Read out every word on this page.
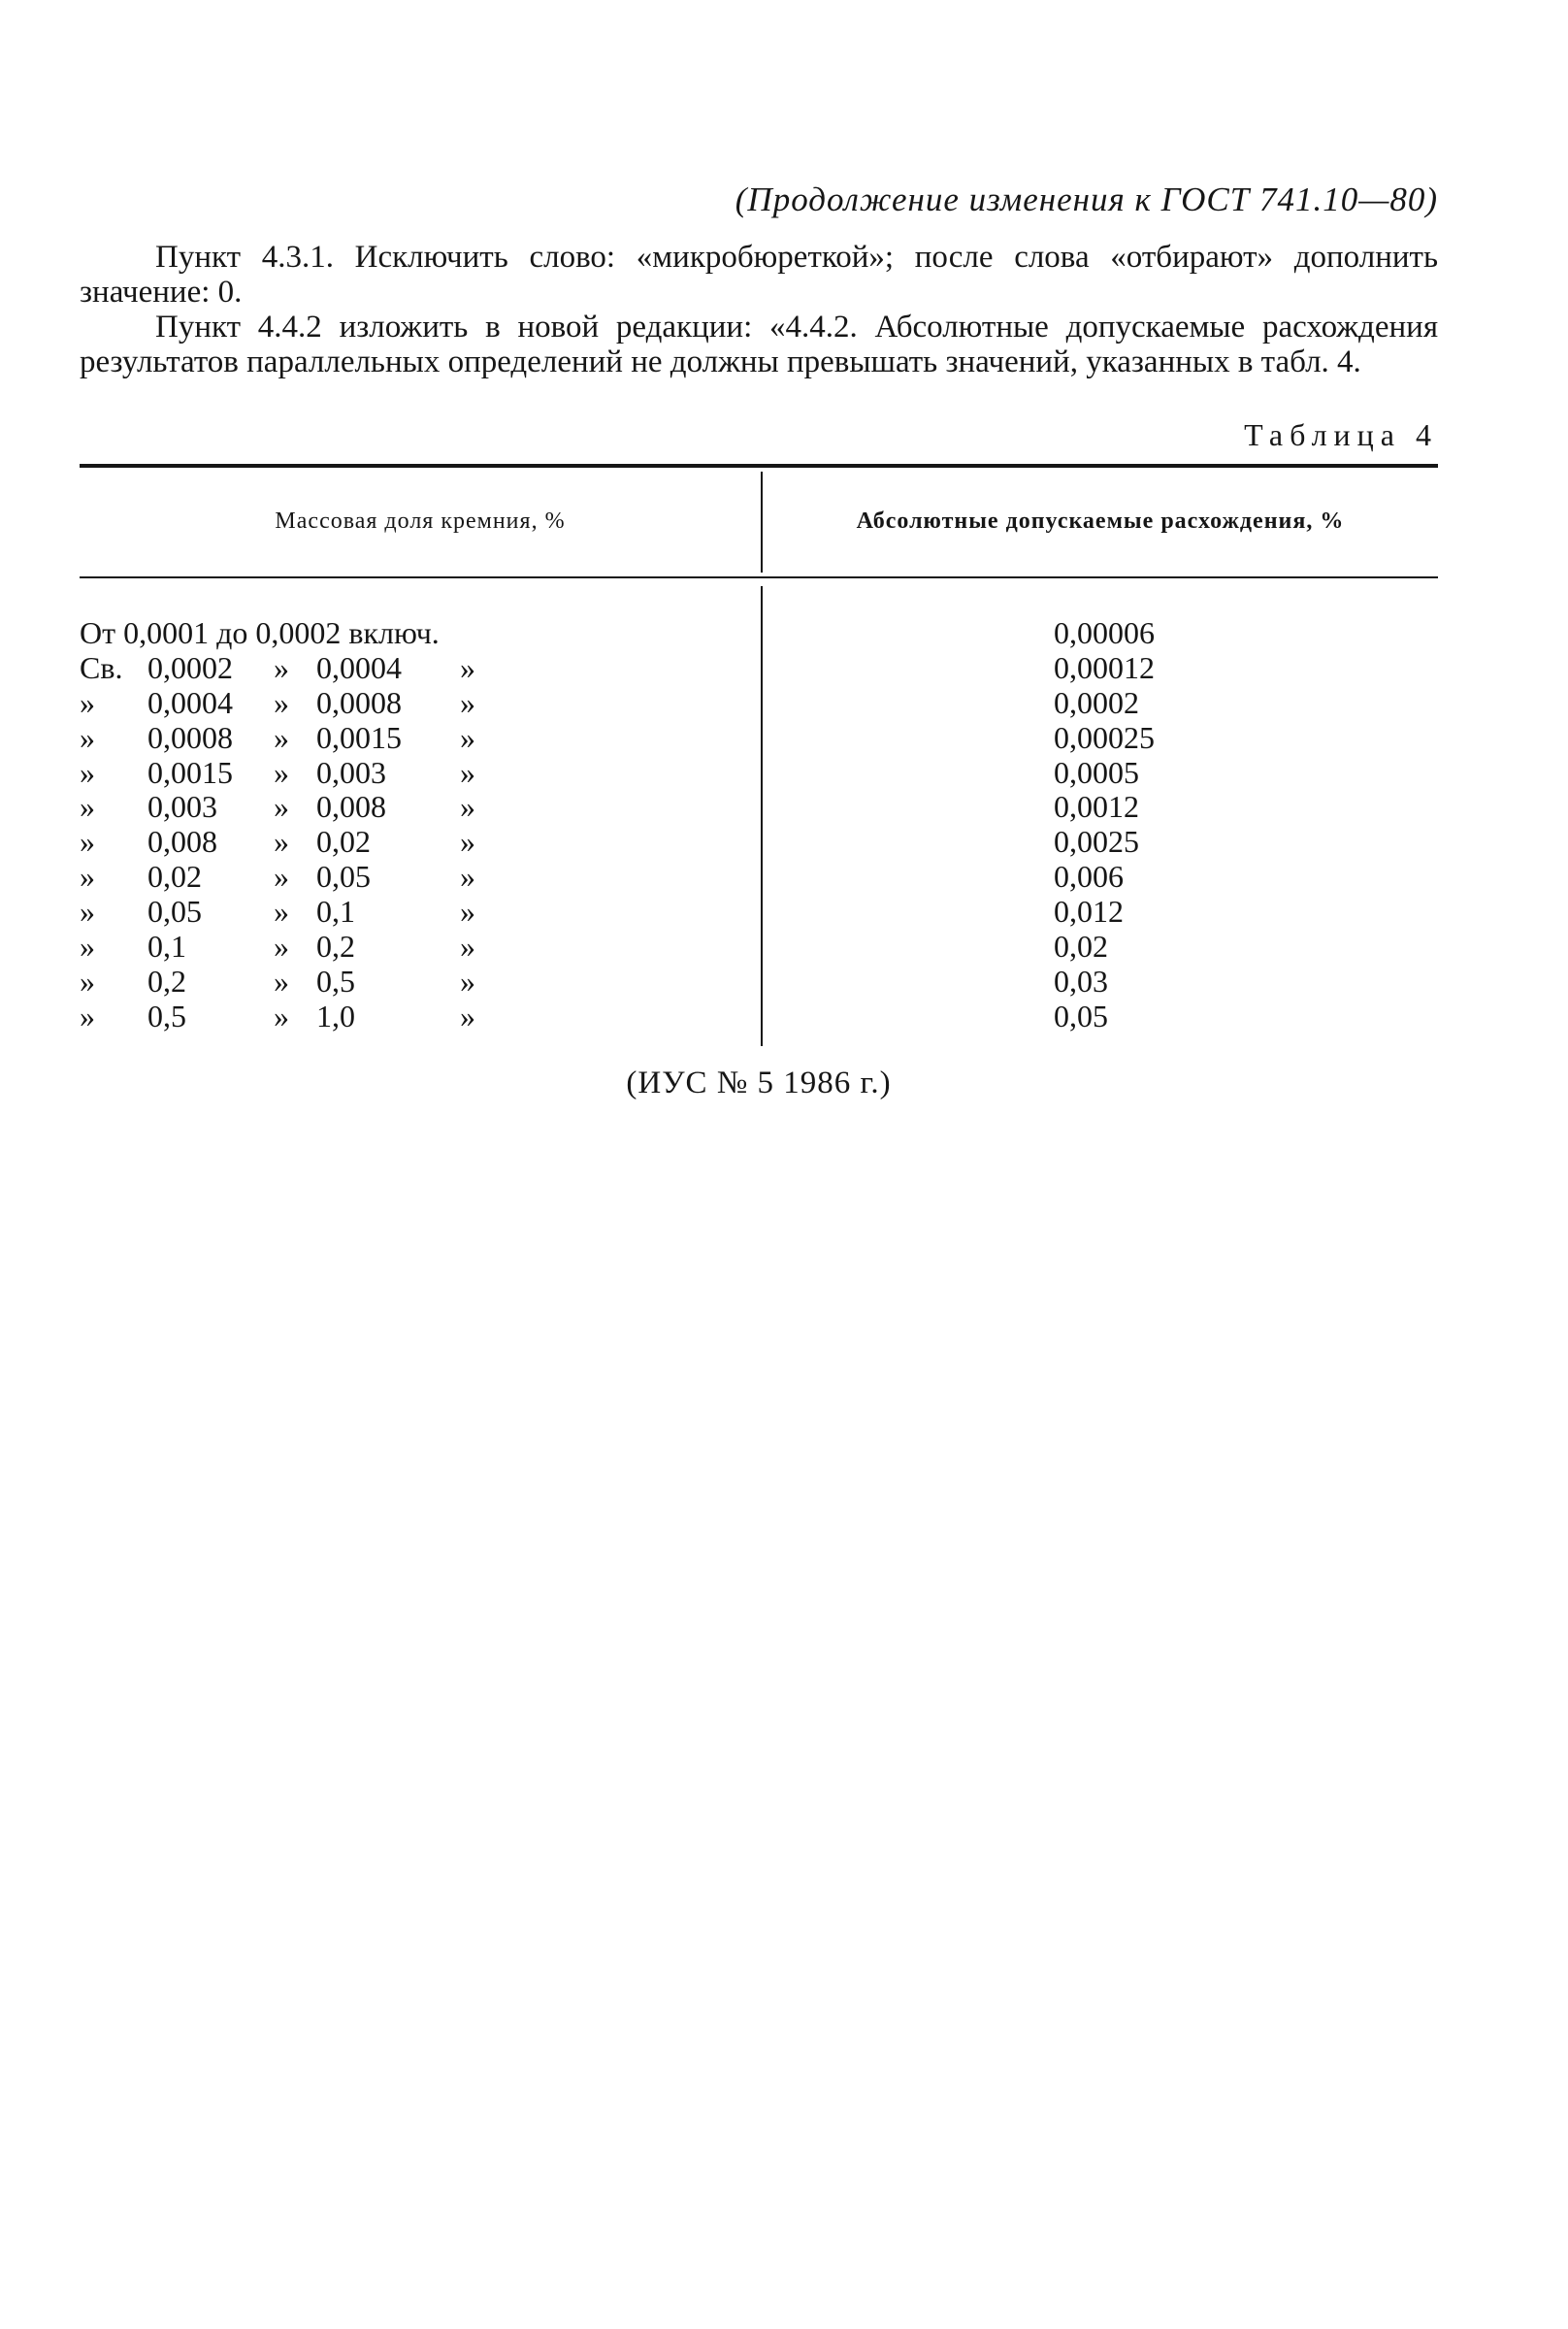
(Продолжение изменения к ГОСТ 741.10—80)

Пункт 4.3.1. Исключить слово: «микробюреткой»; после слова «отбирают» дополнить значение: 0.

Пункт 4.4.2 изложить в новой редакции: «4.4.2. Абсолютные допускаемые расхождения результатов параллельных определений не должны превышать значений, указанных в табл. 4.

Таблица 4
Массовая доля кремния, %	Абсолютные допускаемые расхождения, %
От 0,0001 до 0,0002 включ.	0,00006
Св. 0,0002 » 0,0004 »	0,00012
» 0,0004 » 0,0008 »	0,0002
» 0,0008 » 0,0015 »	0,00025
» 0,0015 » 0,003 »	0,0005
» 0,003 » 0,008 »	0,0012
» 0,008 » 0,02	»	0,0025
» 0,02 » 0,05	»	0,006
» 0,05 » 0,1	»	0,012
» 0,1	» 0,2	»	0,02
» 0,2	» 0,5	»	0,03
» 0,5	» 1,0	»	0,05
(ИУС № 5 1986 г.)
